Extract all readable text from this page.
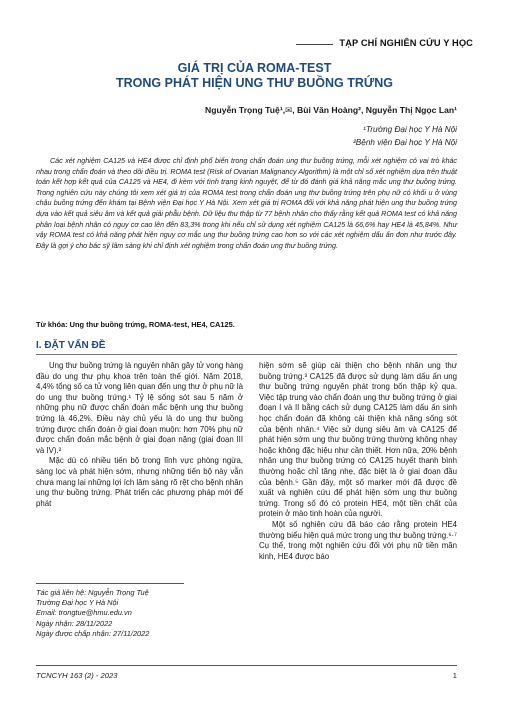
TẠP CHÍ NGHIÊN CỨU Y HỌC
GIÁ TRỊ CỦA ROMA-TEST
TRONG PHÁT HIỆN UNG THƯ BUỒNG TRỨNG
Nguyễn Trọng Tuệ¹,✉, Bùi Văn Hoàng², Nguyễn Thị Ngọc Lan¹
¹Trường Đại học Y Hà Nội
²Bệnh viện Đại học Y Hà Nội

Các xét nghiệm CA125 và HE4 được chỉ định phổ biến trong chẩn đoán ung thư buồng trứng, mỗi xét nghiệm có vai trò khác nhau trong chẩn đoán và theo dõi điều trị. ROMA test (Risk of Ovarian Malignancy Algorithm) là một chỉ số xét nghiệm dựa trên thuật toán kết hợp kết quả của CA125 và HE4, đi kèm với tình trạng kinh nguyệt, để từ đó đánh giá khả năng mắc ung thư buồng trứng. Trong nghiên cứu này chúng tôi xem xét giá trị của ROMA test trong chẩn đoán ung thư buồng trứng trên phụ nữ có khối u ở vùng chậu buồng trứng đến khám tại Bệnh viện Đại học Y Hà Nội. Xem xét giá trị ROMA đối với khả năng phát hiện ung thư buồng trứng dựa vào kết quả siêu âm và kết quả giải phẫu bệnh. Dữ liệu thu thập từ 77 bệnh nhân cho thấy rằng kết quả ROMA test có khả năng phân loại bệnh nhân có nguy cơ cao lên đến 83,3% trong khi nếu chỉ sử dụng xét nghiệm CA125 là 66,6% hay HE4 là 45,84%. Như vậy ROMA test có khả năng phát hiện nguy cơ mắc ung thư buồng trứng cao hơn so với các xét nghiệm dấu ấn đơn như trước đây. Đây là gợi ý cho bác sỹ lâm sàng khi chỉ định xét nghiệm trong chẩn đoán ung thư buồng trứng.

Từ khóa: Ung thư buồng trứng, ROMA-test, HE4, CA125.
I. ĐẶT VẤN ĐỀ

Ung thư buồng trứng là nguyên nhân gây tử vong hàng đầu do ung thư phụ khoa trên toàn thế giới. Năm 2018, 4,4% tổng số ca tử vong liên quan đến ung thư ở phụ nữ là do ung thư buồng trứng.¹ Tỷ lệ sống sót sau 5 năm ở những phụ nữ được chẩn đoán mắc bệnh ung thư buồng trứng là 46,2%. Điều này chủ yếu là do ung thư buồng trứng được chẩn đoán ở giai đoạn muộn: hơn 70% phụ nữ được chẩn đoán mắc bệnh ở giai đoạn nặng (giai đoạn III và IV).²

Mặc dù có nhiều tiến bộ trong lĩnh vực phòng ngừa, sàng lọc và phát hiện sớm, nhưng những tiến bộ này vẫn chưa mang lại những lợi ích lâm sàng rõ rệt cho bệnh nhân ung thư buồng trứng. Phát triển các phương pháp mới để phát

Tác giả liên hệ: Nguyễn Trọng Tuệ
Trường Đại học Y Hà Nội
Email: trongtue@hmu.edu.vn
Ngày nhận: 28/11/2022
Ngày được chấp nhận: 27/11/2022

hiện sớm sẽ giúp cải thiện cho bệnh nhân ung thư buồng trứng.³ CA125 đã được sử dụng làm dấu ấn ung thư buồng trứng nguyên phát trong bốn thập kỷ qua. Việc tập trung vào chẩn đoán ung thư buồng trứng ở giai đoạn I và II bằng cách sử dụng CA125 làm dấu ấn sinh học chẩn đoán đã không cải thiện khả năng sống sót của bệnh nhân.⁴ Việc sử dụng siêu âm và CA125 để phát hiện sớm ung thư buồng trứng thường không nhạy hoặc không đặc hiệu như cần thiết. Hơn nữa, 20% bệnh nhân ung thư buồng trứng có CA125 huyết thanh bình thường hoặc chỉ tăng nhẹ, đặc biệt là ở giai đoạn đầu của bệnh.⁵ Gần đây, một số marker mới đã được đề xuất và nghiên cứu để phát hiện sớm ung thư buồng trứng. Trong số đó có protein HE4, một tiền chất của protein ở mào tinh hoàn của người.

Một số nghiên cứu đã báo cáo rằng protein HE4 thường biểu hiện quá mức trong ung thư buồng trứng.⁶·⁷ Cụ thể, trong một nghiên cứu đối với phụ nữ tiền mãn kinh, HE4 được báo

TCNCYH 163 (2) - 2023	1
